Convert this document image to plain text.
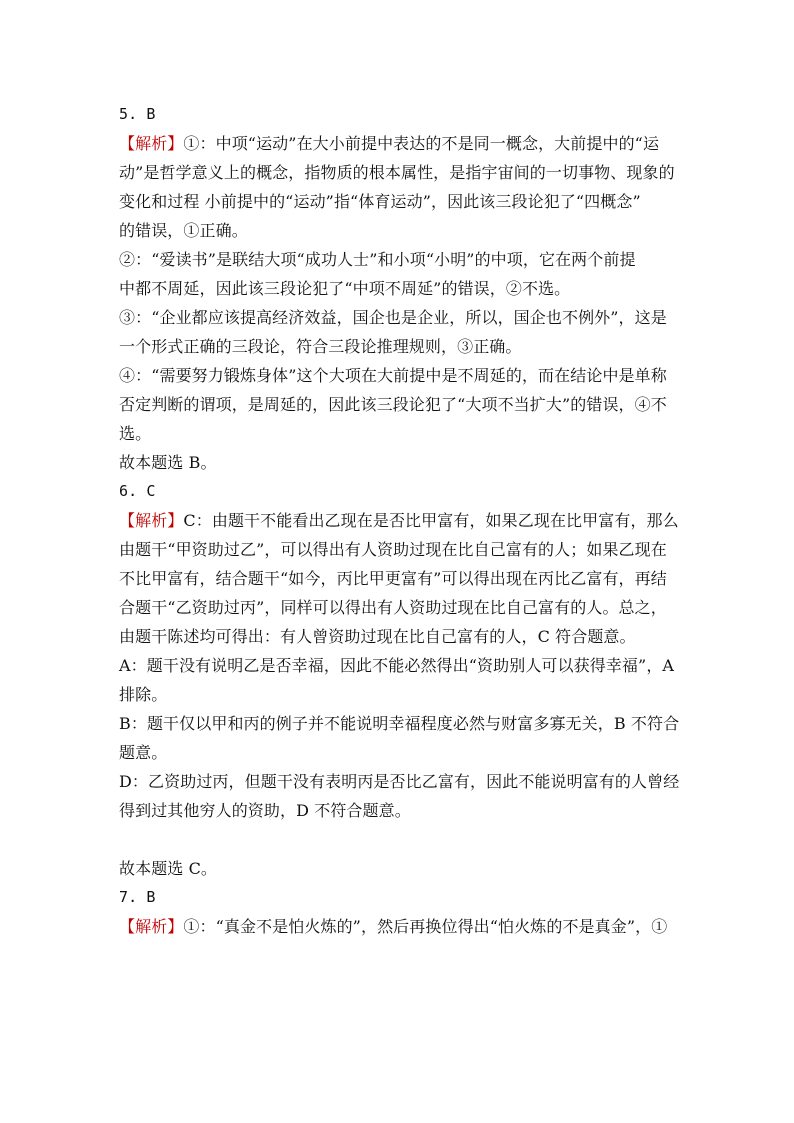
5. B
【解析】①：中项“运动”在大小前提中表达的不是同一概念，大前提中的“运
动”是哲学意义上的概念，指物质的根本属性，是指宇宙间的一切事物、现象的
变化和过程 小前提中的“运动”指“体育运动”，因此该三段论犯了“四概念”
的错误，①正确。
②：“爱读书”是联结大项“成功人士”和小项“小明”的中项，它在两个前提
中都不周延，因此该三段论犯了“中项不周延”的错误，②不选。
③：“企业都应该提高经济效益，国企也是企业，所以，国企也不例外”，这是
一个形式正确的三段论，符合三段论推理规则，③正确。
④：“需要努力锻炼身体”这个大项在大前提中是不周延的，而在结论中是单称
否定判断的谓项，是周延的，因此该三段论犯了“大项不当扩大”的错误，④不
选。
故本题选 B。
6. C
【解析】C：由题干不能看出乙现在是否比甲富有，如果乙现在比甲富有，那么
由题干“甲资助过乙”，可以得出有人资助过现在比自己富有的人；如果乙现在
不比甲富有，结合题干“如今，丙比甲更富有”可以得出现在丙比乙富有，再结
合题干“乙资助过丙”，同样可以得出有人资助过现在比自己富有的人。总之，
由题干陈述均可得出：有人曾资助过现在比自己富有的人，C 符合题意。
A：题干没有说明乙是否幸福，因此不能必然得出“资助别人可以获得幸福”，A
排除。
B：题干仅以甲和丙的例子并不能说明幸福程度必然与财富多寡无关，B 不符合
题意。
D：乙资助过丙，但题干没有表明丙是否比乙富有，因此不能说明富有的人曾经
得到过其他穷人的资助，D 不符合题意。
故本题选 C。
7. B
【解析】①：“真金不是怕火炼的”，然后再换位得出“怕火炼的不是真金”，①
